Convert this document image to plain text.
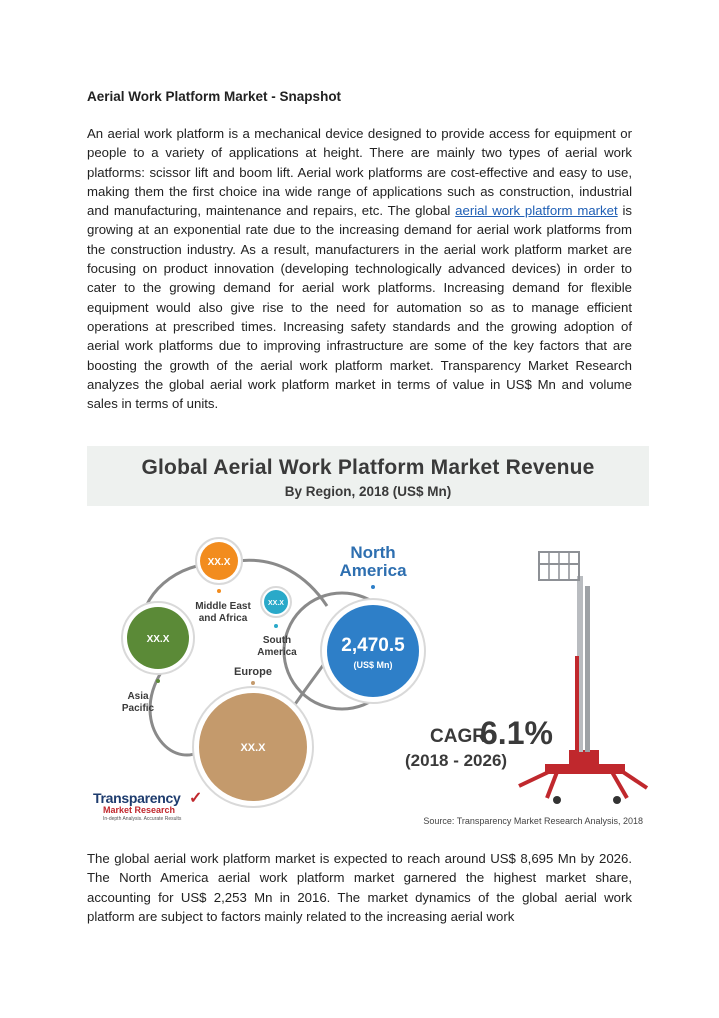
Aerial Work Platform Market - Snapshot
An aerial work platform is a mechanical device designed to provide access for equipment or people to a variety of applications at height. There are mainly two types of aerial work platforms: scissor lift and boom lift. Aerial work platforms are cost-effective and easy to use, making them the first choice ina wide range of applications such as construction, industrial and manufacturing, maintenance and repairs, etc. The global aerial work platform market is growing at an exponential rate due to the increasing demand for aerial work platforms from the construction industry. As a result, manufacturers in the aerial work platform market are focusing on product innovation (developing technologically advanced devices) in order to cater to the growing demand for aerial work platforms. Increasing demand for flexible equipment would also give rise to the need for automation so as to manage efficient operations at prescribed times. Increasing safety standards and the growing adoption of aerial work platforms due to improving infrastructure are some of the key factors that are boosting the growth of the aerial work platform market. Transparency Market Research analyzes the global aerial work platform market in terms of value in US$ Mn and volume sales in terms of units.
Global Aerial Work Platform Market Revenue
By Region, 2018 (US$ Mn)
XX.X
Middle East
and Africa
XX.X
South
America
XX.X
Asia
Pacific
Europe
XX.X
North
America
2,470.5
(US$ Mn)
CAGR
6.1%
(2018 - 2026)
Transparency ✓
Market Research
In-depth Analysis. Accurate Results	Source: Transparency Market Research Analysis, 2018
The global aerial work platform market is expected to reach around US$ 8,695 Mn by 2026. The North America aerial work platform market garnered the highest market share, accounting for US$ 2,253 Mn in 2016. The market dynamics of the global aerial work platform are subject to factors mainly related to the increasing aerial work
